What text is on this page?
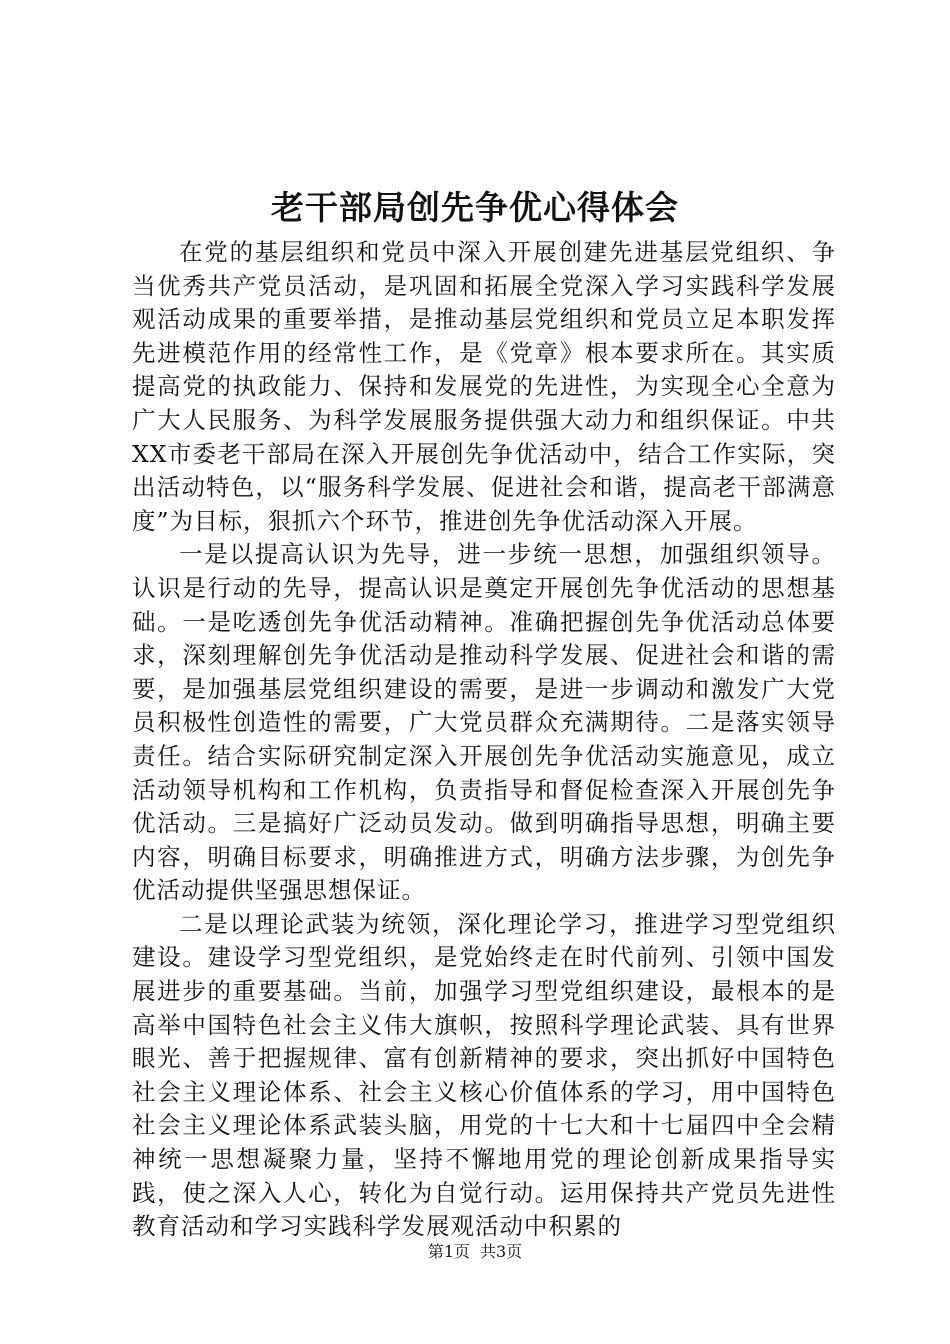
老干部局创先争优心得体会

在党的基层组织和党员中深入开展创建先进基层党组织、争当优秀共产党员活动，是巩固和拓展全党深入学习实践科学发展观活动成果的重要举措，是推动基层党组织和党员立足本职发挥先进模范作用的经常性工作，是《党章》根本要求所在。其实质提高党的执政能力、保持和发展党的先进性，为实现全心全意为广大人民服务、为科学发展服务提供强大动力和组织保证。中共XX市委老干部局在深入开展创先争优活动中，结合工作实际，突出活动特色，以“服务科学发展、促进社会和谐，提高老干部满意度”为目标，狠抓六个环节，推进创先争优活动深入开展。

一是以提高认识为先导，进一步统一思想，加强组织领导。认识是行动的先导，提高认识是奠定开展创先争优活动的思想基础。一是吃透创先争优活动精神。准确把握创先争优活动总体要求，深刻理解创先争优活动是推动科学发展、促进社会和谐的需要，是加强基层党组织建设的需要，是进一步调动和激发广大党员积极性创造性的需要，广大党员群众充满期待。二是落实领导责任。结合实际研究制定深入开展创先争优活动实施意见，成立活动领导机构和工作机构，负责指导和督促检查深入开展创先争优活动。三是搞好广泛动员发动。做到明确指导思想，明确主要内容，明确目标要求，明确推进方式，明确方法步骤，为创先争优活动提供坚强思想保证。

二是以理论武装为统领，深化理论学习，推进学习型党组织建设。建设学习型党组织，是党始终走在时代前列、引领中国发展进步的重要基础。当前，加强学习型党组织建设，最根本的是高举中国特色社会主义伟大旗帜，按照科学理论武装、具有世界眼光、善于把握规律、富有创新精神的要求，突出抓好中国特色社会主义理论体系、社会主义核心价值体系的学习，用中国特色社会主义理论体系武装头脑，用党的十七大和十七届四中全会精神统一思想凝聚力量，坚持不懈地用党的理论创新成果指导实践，使之深入人心，转化为自觉行动。运用保持共产党员先进性教育活动和学习实践科学发展观活动中积累的

第1页 共3页
